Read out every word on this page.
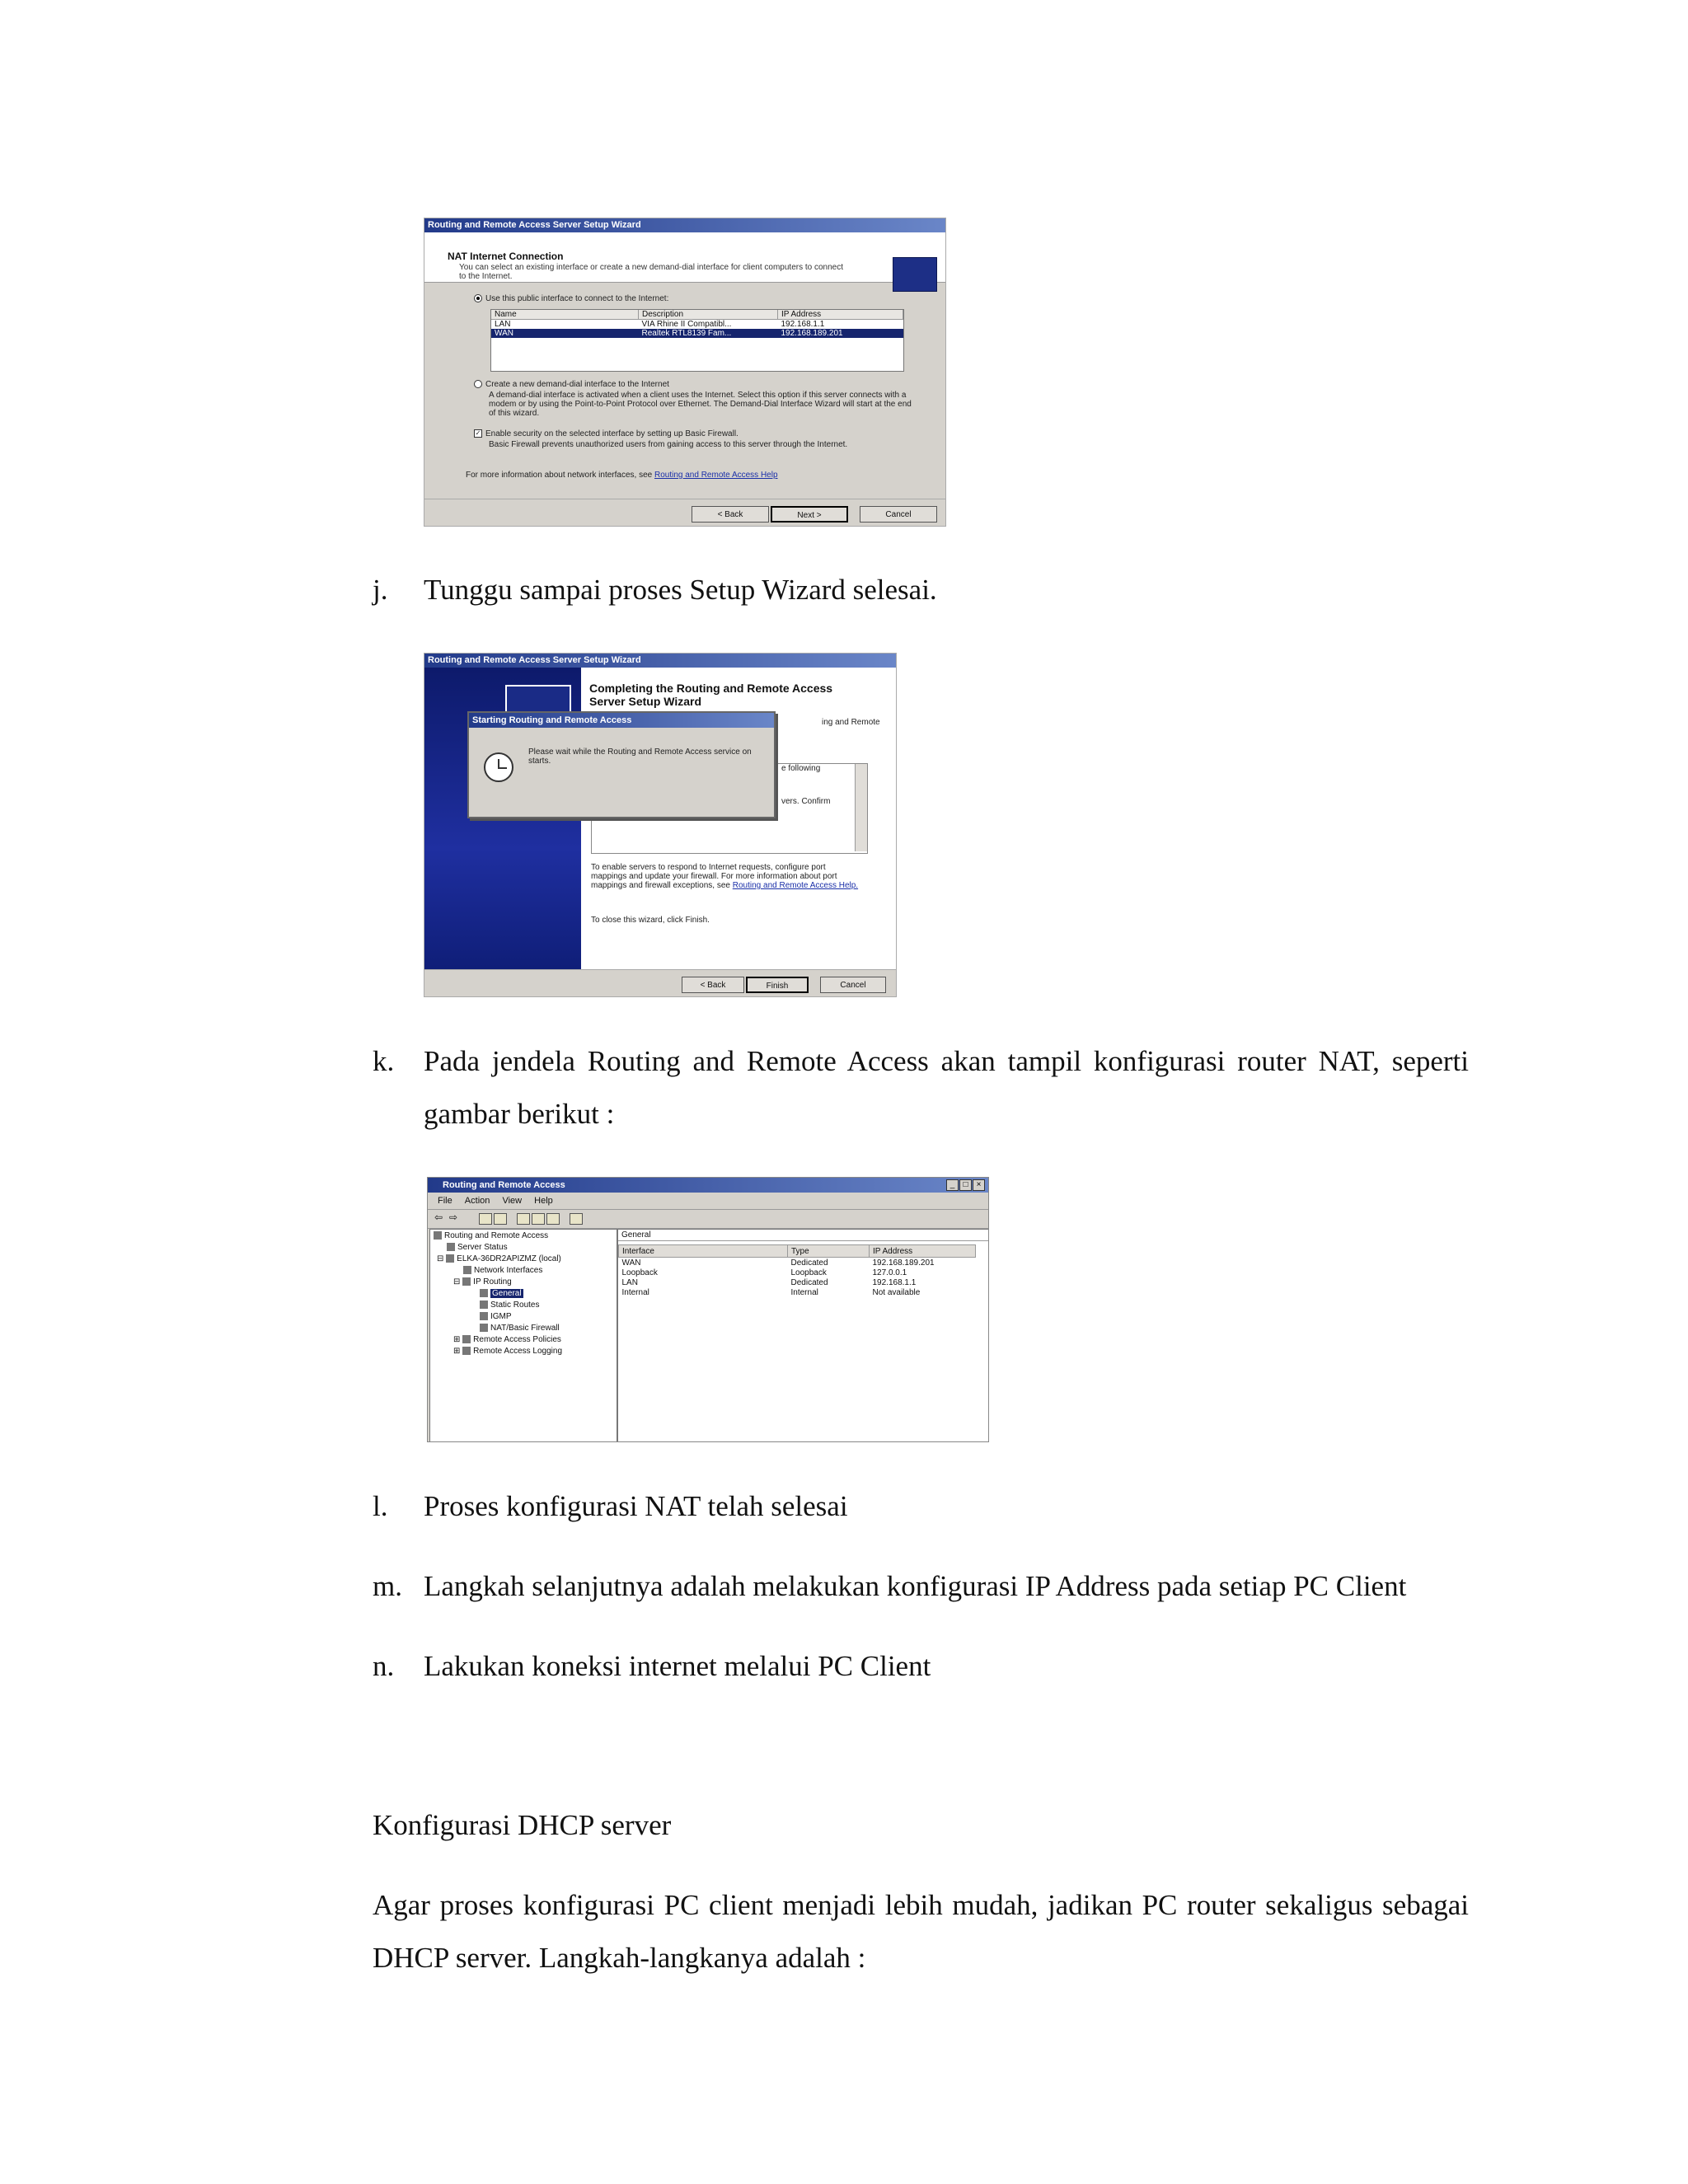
Routing and Remote Access Server Setup Wizard
NAT Internet Connection
You can select an existing interface or create a new demand-dial interface for client computers to connect to the Internet.
Use this public interface to connect to the Internet:
Name	Description	IP Address
LAN	VIA Rhine II Compatibl...	192.168.1.1
WAN	Realtek RTL8139 Fam...	192.168.189.201
Create a new demand-dial interface to the Internet
A demand-dial interface is activated when a client uses the Internet. Select this option if this server connects with a modem or by using the Point-to-Point Protocol over Ethernet. The Demand-Dial Interface Wizard will start at the end of this wizard.
✓ Enable security on the selected interface by setting up Basic Firewall.
Basic Firewall prevents unauthorized users from gaining access to this server through the Internet.
For more information about network interfaces, see Routing and Remote Access Help
< Back	Next >	Cancel
j. Tunggu sampai proses Setup Wizard selesai.
Routing and Remote Access Server Setup Wizard
Completing the Routing and Remote Access Server Setup Wizard
ing and Remote
e following
vers. Confirm
Starting Routing and Remote Access
Please wait while the Routing and Remote Access service on starts.
To enable servers to respond to Internet requests, configure port mappings and update your firewall. For more information about port mappings and firewall exceptions, see Routing and Remote Access Help.
To close this wizard, click Finish.
< Back	Finish	Cancel
k. Pada jendela Routing and Remote Access akan tampil konfigurasi router NAT, seperti gambar berikut :
Routing and Remote Access	_ □ ×
File Action View Help
⇦ ⇨
Routing and Remote Access
Server Status
⊟ ELKA-36DR2APIZMZ (local)
Network Interfaces
⊟ IP Routing
General
Static Routes
IGMP
NAT/Basic Firewall
⊞ Remote Access Policies
⊞ Remote Access Logging
General
Interface	Type	IP Address
WAN	Dedicated	192.168.189.201
Loopback	Loopback	127.0.0.1
LAN	Dedicated	192.168.1.1
Internal	Internal	Not available
l. Proses konfigurasi NAT telah selesai
m. Langkah selanjutnya adalah melakukan konfigurasi IP Address pada setiap PC Client
n. Lakukan koneksi internet melalui PC Client
Konfigurasi DHCP server
Agar proses konfigurasi PC client menjadi lebih mudah, jadikan PC router sekaligus sebagai DHCP server. Langkah-langkanya adalah :
